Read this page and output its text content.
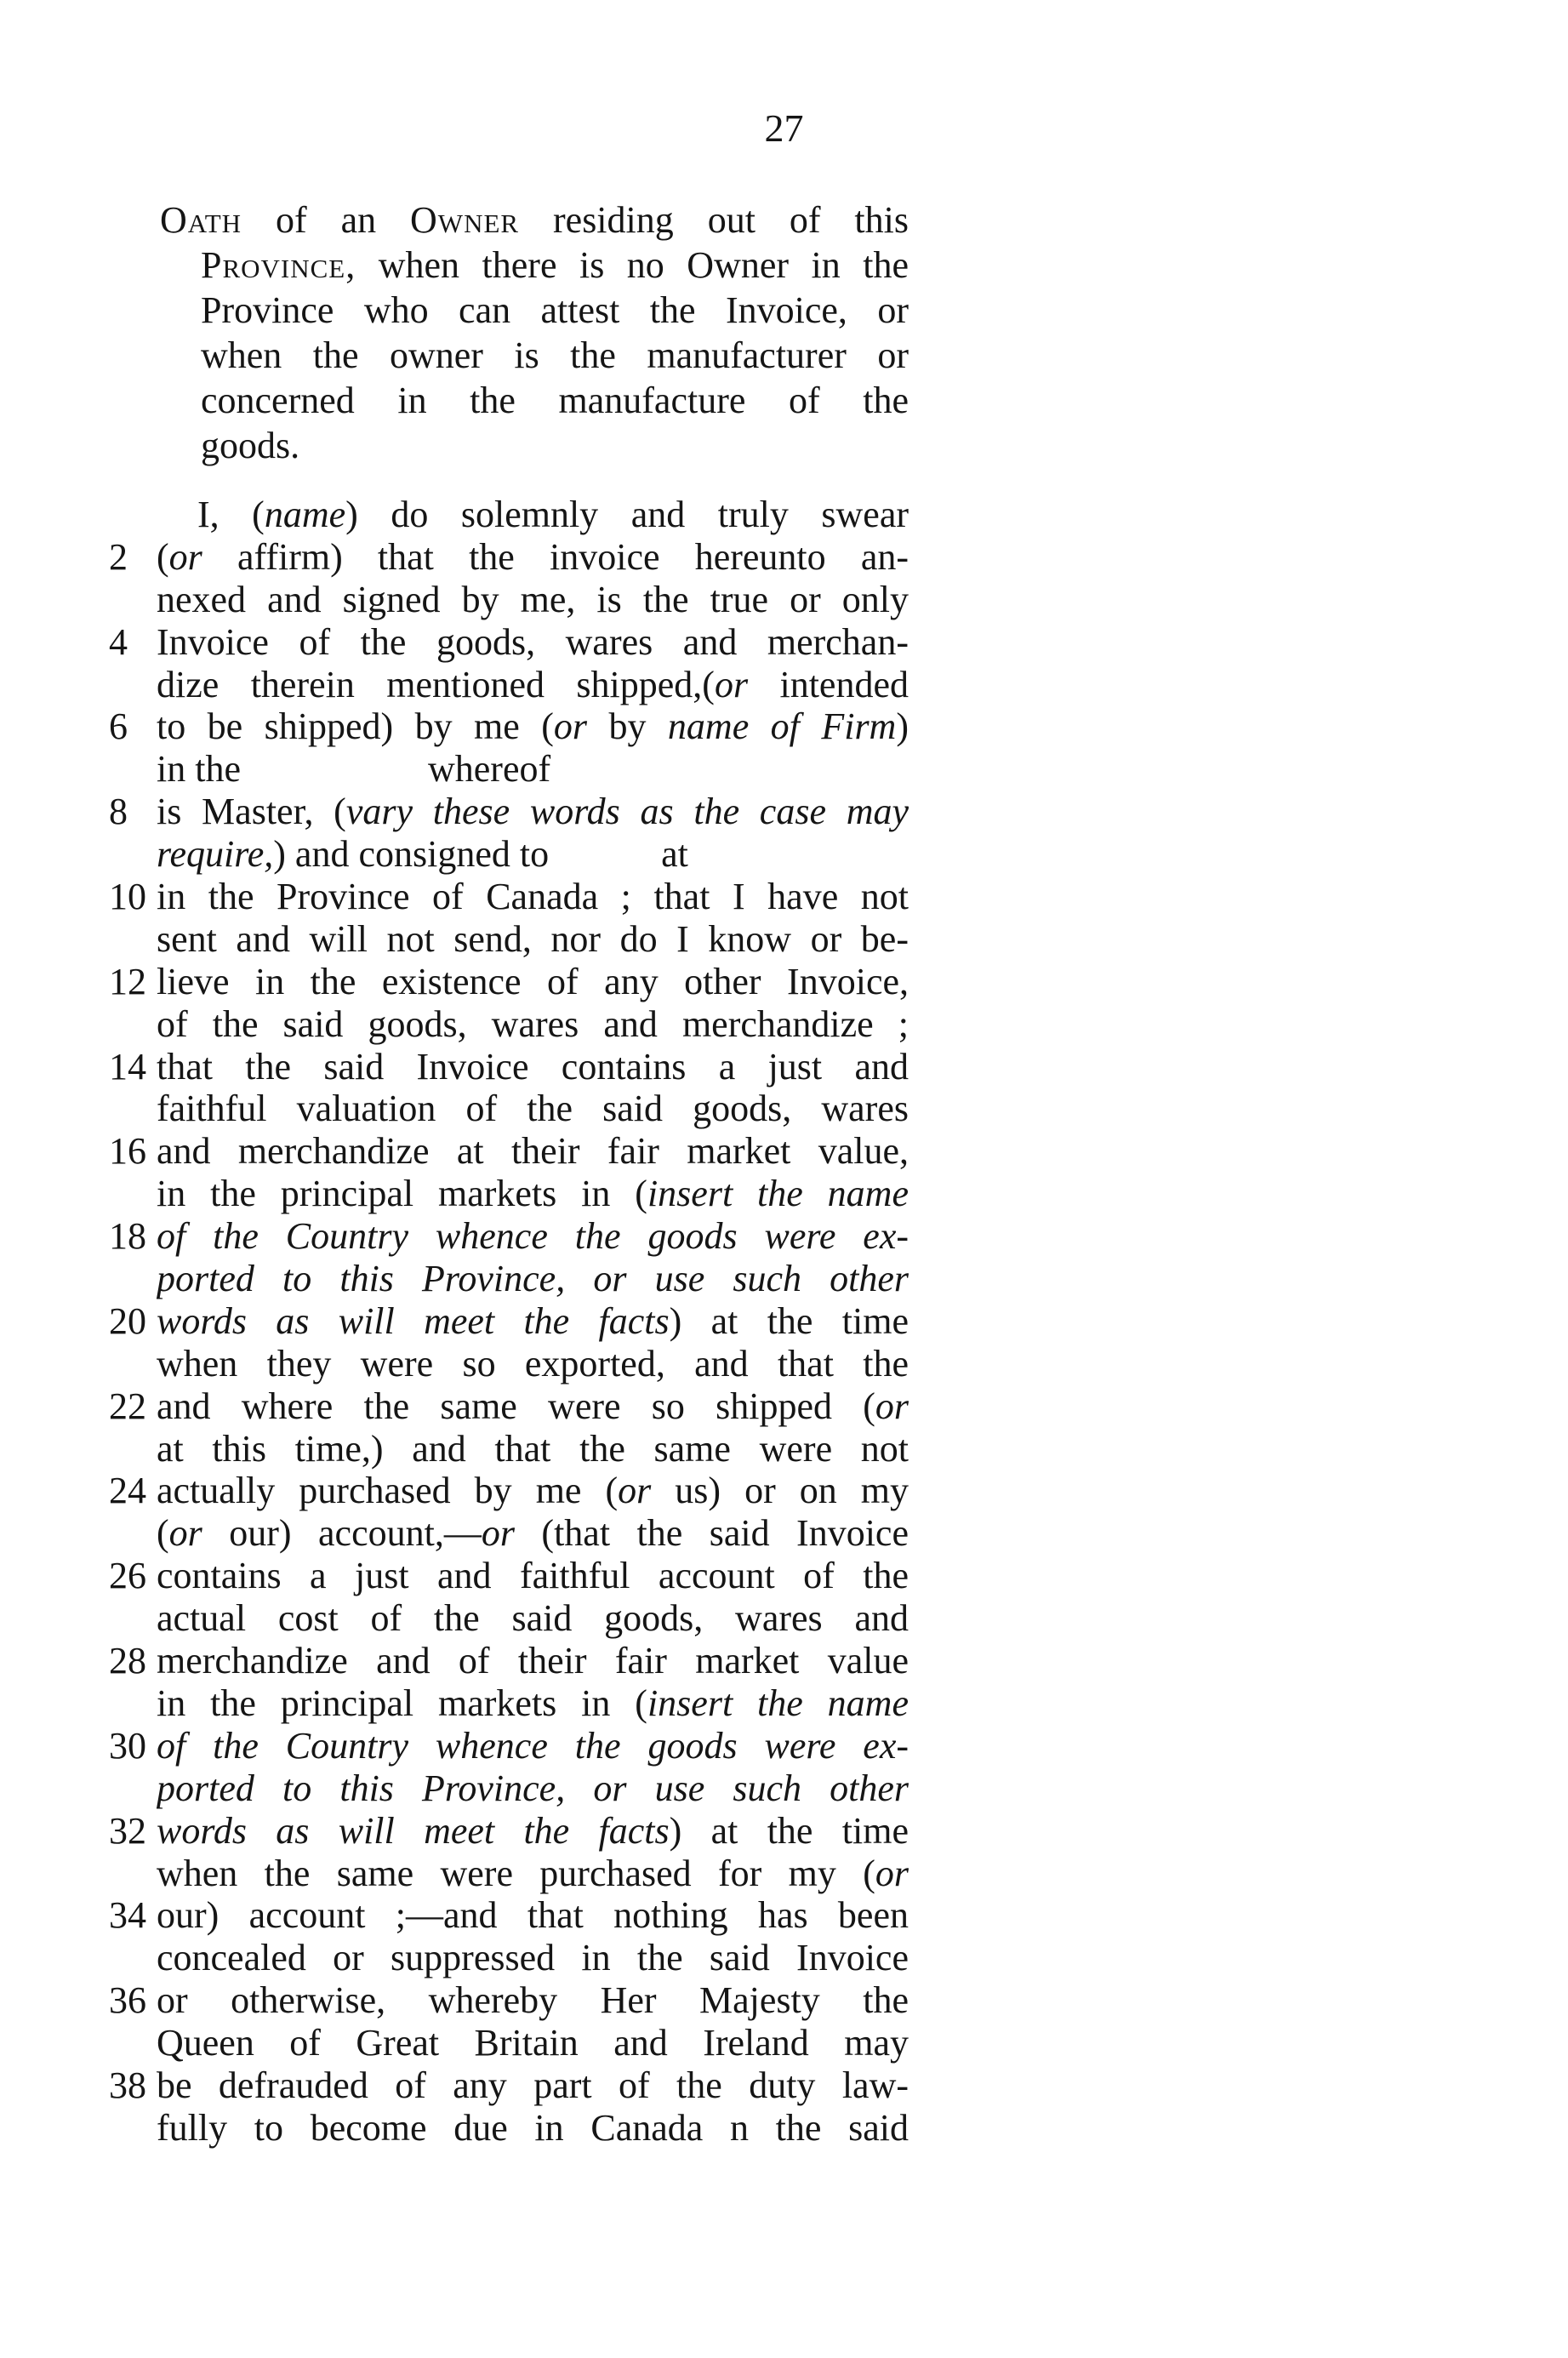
27
Oath of an Owner residing out of this
Province, when there is no Owner in the
Province who can attest the Invoice, or
when the owner is the manufacturer or
concerned in the manufacture of the
goods.
I, (name) do solemnly and truly swear
2 (or affirm) that the invoice hereunto an-
nexed and signed by me, is the true or only
4 Invoice of the goods, wares and merchan-
dize therein mentioned shipped,(or intended
6 to be shipped) by me (or by name of Firm)
in the	whereof
8 is Master, (vary these words as the case may
require,) and consigned to	at
10 in the Province of Canada ; that I have not
sent and will not send, nor do I know or be-
12 lieve in the existence of any other Invoice,
of the said goods, wares and merchandize ;
14 that the said Invoice contains a just and
faithful valuation of the said goods, wares
16 and merchandize at their fair market value,
in the principal markets in (insert the name
18 of the Country whence the goods were ex-
ported to this Province, or use such other
20 words as will meet the facts) at the time
when they were so exported, and that the
22 and where the same were so shipped (or
at this time,) and that the same were not
24 actually purchased by me (or us) or on my
(or our) account,—or (that the said Invoice
26 contains a just and faithful account of the
actual cost of the said goods, wares and
28 merchandize and of their fair market value
in the principal markets in (insert the name
30 of the Country whence the goods were ex-
ported to this Province, or use such other
32 words as will meet the facts) at the time
when the same were purchased for my (or
34 our) account ;—and that nothing has been
concealed or suppressed in the said Invoice
36 or otherwise, whereby Her Majesty the
Queen of Great Britain and Ireland may
38 be defrauded of any part of the duty law-
fully to become due in Canada n the said
